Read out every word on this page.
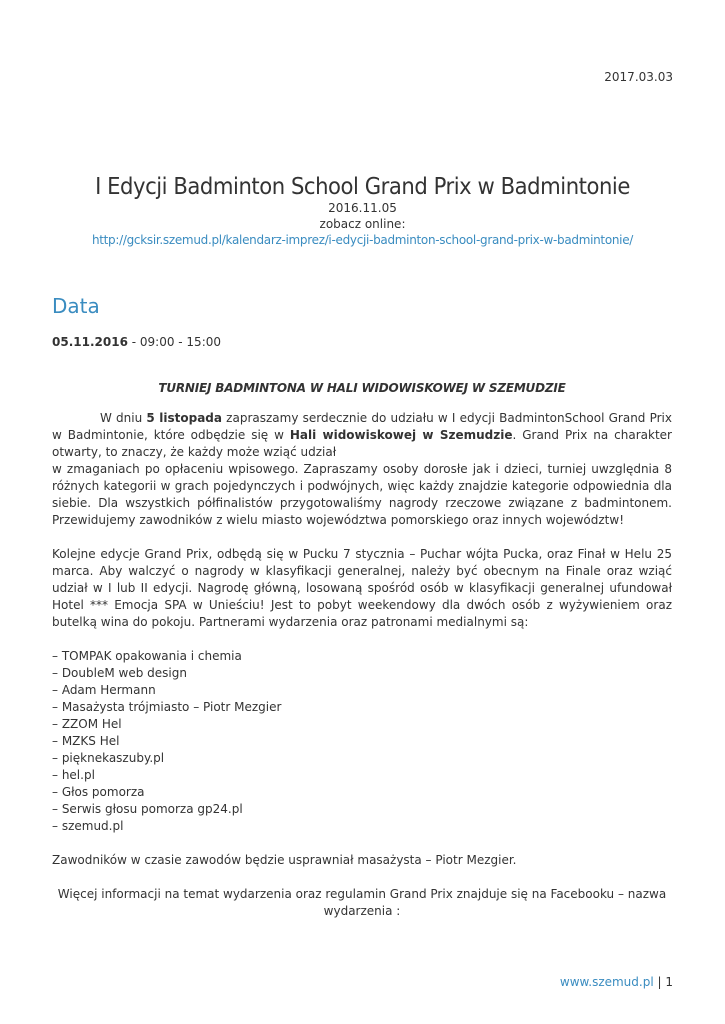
2017.03.03
I Edycji Badminton School Grand Prix w Badmintonie
2016.11.05
zobacz online:
http://gcksir.szemud.pl/kalendarz-imprez/i-edycji-badminton-school-grand-prix-w-badmintonie/
Data
05.11.2016 - 09:00 - 15:00

TURNIEJ BADMINTONA W HALI WIDOWISKOWEJ W SZEMUDZIE

W dniu 5 listopada zapraszamy serdecznie do udziału w I edycji BadmintonSchool Grand Prix w Badmintonie, które odbędzie się w Hali widowiskowej w Szemudzie. Grand Prix na charakter otwarty, to znaczy, że każdy może wziąć udział

w zmaganiach po opłaceniu wpisowego. Zapraszamy osoby dorosłe jak i dzieci, turniej uwzględnia 8 różnych kategorii w grach pojedynczych i podwójnych, więc każdy znajdzie kategorie odpowiednia dla siebie. Dla wszystkich półfinalistów przygotowaliśmy nagrody rzeczowe związane z badmintonem. Przewidujemy zawodników z wielu miasto województwa pomorskiego oraz innych województw!

Kolejne edycje Grand Prix, odbędą się w Pucku 7 stycznia – Puchar wójta Pucka, oraz Finał w Helu 25 marca. Aby walczyć o nagrody w klasyfikacji generalnej, należy być obecnym na Finale oraz wziąć udział w I lub II edycji. Nagrodę główną, losowaną spośród osób w klasyfikacji generalnej ufundował Hotel *** Emocja SPA w Unieściu! Jest to pobyt weekendowy dla dwóch osób z wyżywieniem oraz butelką wina do pokoju. Partnerami wydarzenia oraz patronami medialnymi są:

– TOMPAK opakowania i chemia
– DoubleM web design
– Adam Hermann
– Masażysta trójmiasto – Piotr Mezgier
– ZZOM Hel
– MZKS Hel
– pięknekaszuby.pl
– hel.pl
– Głos pomorza
– Serwis głosu pomorza gp24.pl
– szemud.pl

Zawodników w czasie zawodów będzie usprawniał masażysta – Piotr Mezgier.

Więcej informacji na temat wydarzenia oraz regulamin Grand Prix znajduje się na Facebooku – nazwa wydarzenia :

www.szemud.pl | 1
